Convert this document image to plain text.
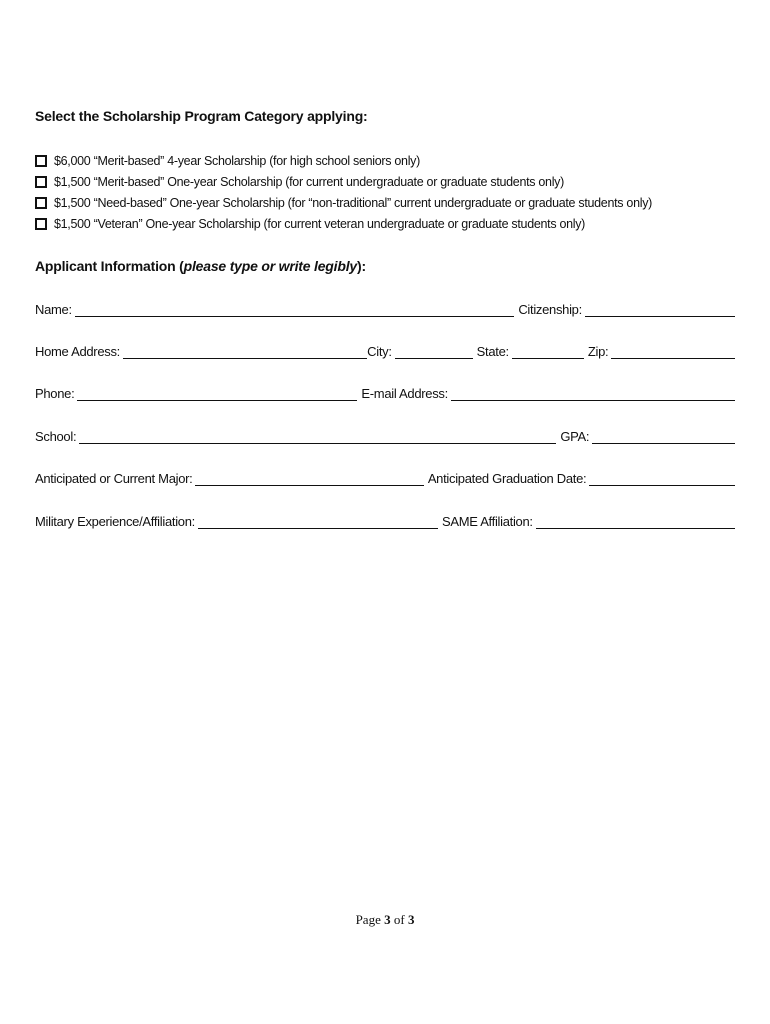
Select the Scholarship Program Category applying:
$6,000 “Merit-based” 4-year Scholarship (for high school seniors only)
$1,500 “Merit-based” One-year Scholarship (for current undergraduate or graduate students only)
$1,500 “Need-based” One-year Scholarship (for “non-traditional” current undergraduate or graduate students only)
$1,500 “Veteran” One-year Scholarship (for current veteran undergraduate or graduate students only)
Applicant Information (please type or write legibly):
Name:	Citizenship:
Home Address:	City:	State:	Zip:
Phone:	E-mail Address:
School:	GPA:
Anticipated or Current Major:	Anticipated Graduation Date:
Military Experience/Affiliation:	SAME Affiliation:
Page 3 of 3
